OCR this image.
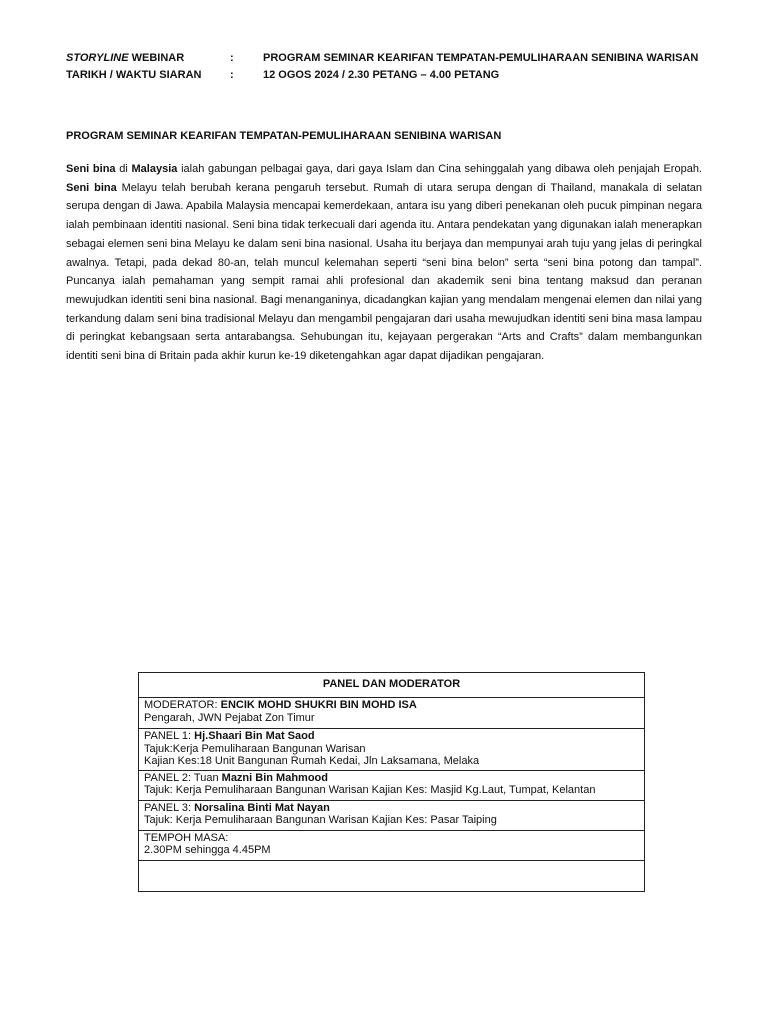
STORYLINE WEBINAR	:	PROGRAM SEMINAR KEARIFAN TEMPATAN-PEMULIHARAAN SENIBINA WARISAN
TARIKH / WAKTU SIARAN	:	12 OGOS 2024 / 2.30 PETANG – 4.00 PETANG
PROGRAM SEMINAR KEARIFAN TEMPATAN-PEMULIHARAAN SENIBINA WARISAN

Seni bina di Malaysia ialah gabungan pelbagai gaya, dari gaya Islam dan Cina sehinggalah yang dibawa oleh penjajah Eropah. Seni bina Melayu telah berubah kerana pengaruh tersebut. Rumah di utara serupa dengan di Thailand, manakala di selatan serupa dengan di Jawa. Apabila Malaysia mencapai kemerdekaan, antara isu yang diberi penekanan oleh pucuk pimpinan negara ialah pembinaan identiti nasional. Seni bina tidak terkecuali dari agenda itu. Antara pendekatan yang digunakan ialah menerapkan sebagai elemen seni bina Melayu ke dalam seni bina nasional. Usaha itu berjaya dan mempunyai arah tuju yang jelas di peringkal awalnya. Tetapi, pada dekad 80-an, telah muncul kelemahan seperti “seni bina belon” serta “seni bina potong dan tampal”. Puncanya ialah pemahaman yang sempit ramai ahli profesional dan akademik seni bina tentang maksud dan peranan mewujudkan identiti seni bina nasional. Bagi menanganinya, dicadangkan kajian yang mendalam mengenai elemen dan nilai yang terkandung dalam seni bina tradisional Melayu dan mengambil pengajaran dari usaha mewujudkan identiti seni bina masa lampau di peringkat kebangsaan serta antarabangsa. Sehubungan itu, kejayaan pergerakan “Arts and Crafts” dalam membangunkan identiti seni bina di Britain pada akhir kurun ke-19 diketengahkan agar dapat dijadikan pengajaran.

PANEL DAN MODERATOR
MODERATOR: ENCIK MOHD SHUKRI BIN MOHD ISA
Pengarah, JWN Pejabat Zon Timur
PANEL 1: Hj.Shaari Bin Mat Saod
Tajuk:Kerja Pemuliharaan Bangunan Warisan
Kajian Kes:18 Unit Bangunan Rumah Kedai, Jln Laksamana, Melaka
PANEL 2: Tuan Mazni Bin Mahmood
Tajuk: Kerja Pemuliharaan Bangunan Warisan Kajian Kes: Masjid Kg.Laut, Tumpat, Kelantan
PANEL 3: Norsalina Binti Mat Nayan
Tajuk: Kerja Pemuliharaan Bangunan Warisan Kajian Kes: Pasar Taiping
TEMPOH MASA:
2.30PM sehingga 4.45PM
